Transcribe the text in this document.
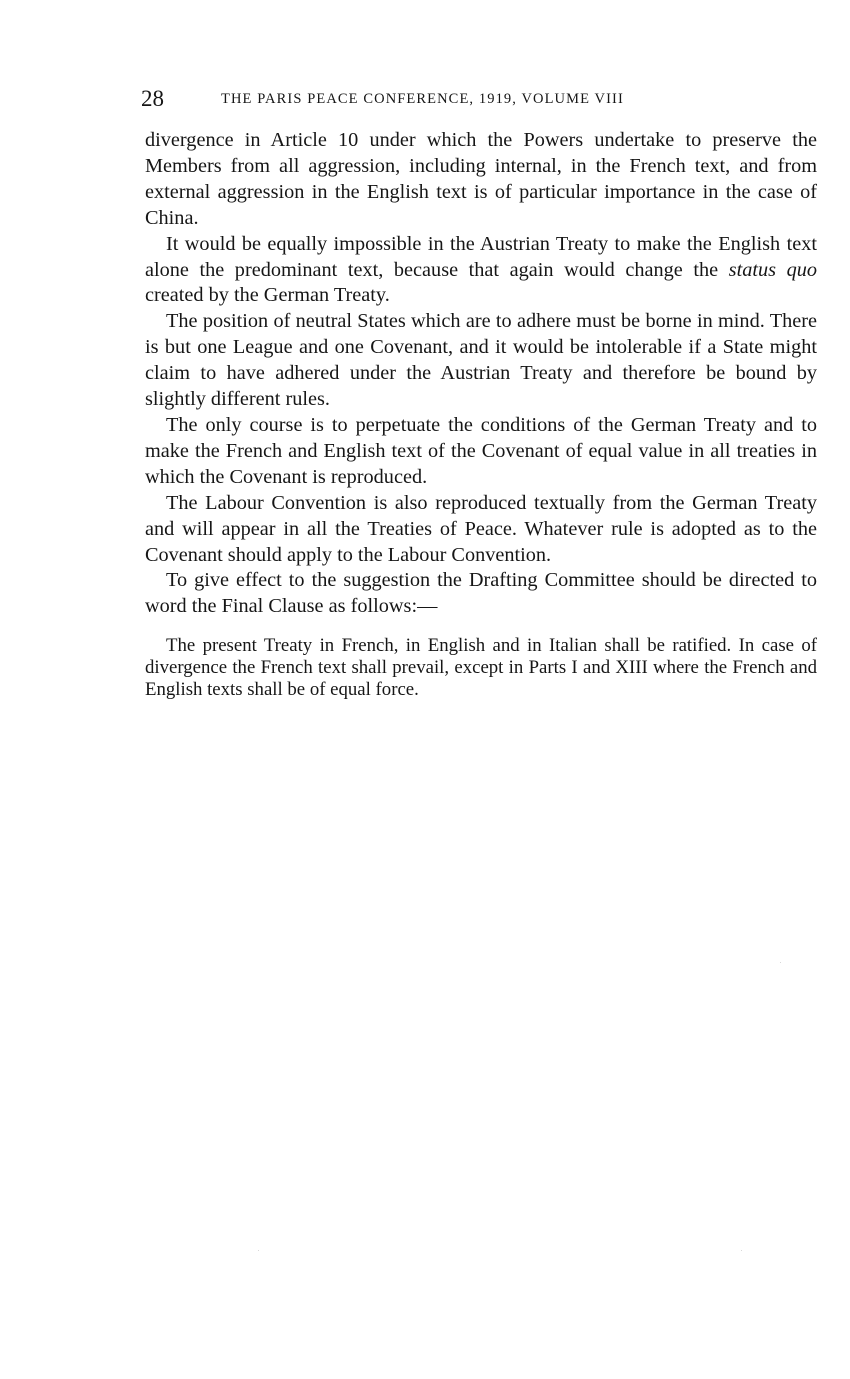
28	THE PARIS PEACE CONFERENCE, 1919, VOLUME VIII

divergence in Article 10 under which the Powers undertake to preserve the Members from all aggression, including internal, in the French text, and from external aggression in the English text is of particular importance in the case of China.

It would be equally impossible in the Austrian Treaty to make the English text alone the predominant text, because that again would change the status quo created by the German Treaty.

The position of neutral States which are to adhere must be borne in mind. There is but one League and one Covenant, and it would be intolerable if a State might claim to have adhered under the Austrian Treaty and therefore be bound by slightly different rules.

The only course is to perpetuate the conditions of the German Treaty and to make the French and English text of the Covenant of equal value in all treaties in which the Covenant is reproduced.

The Labour Convention is also reproduced textually from the German Treaty and will appear in all the Treaties of Peace. Whatever rule is adopted as to the Covenant should apply to the Labour Convention.

To give effect to the suggestion the Drafting Committee should be directed to word the Final Clause as follows:—

The present Treaty in French, in English and in Italian shall be ratified. In case of divergence the French text shall prevail, except in Parts I and XIII where the French and English texts shall be of equal force.
